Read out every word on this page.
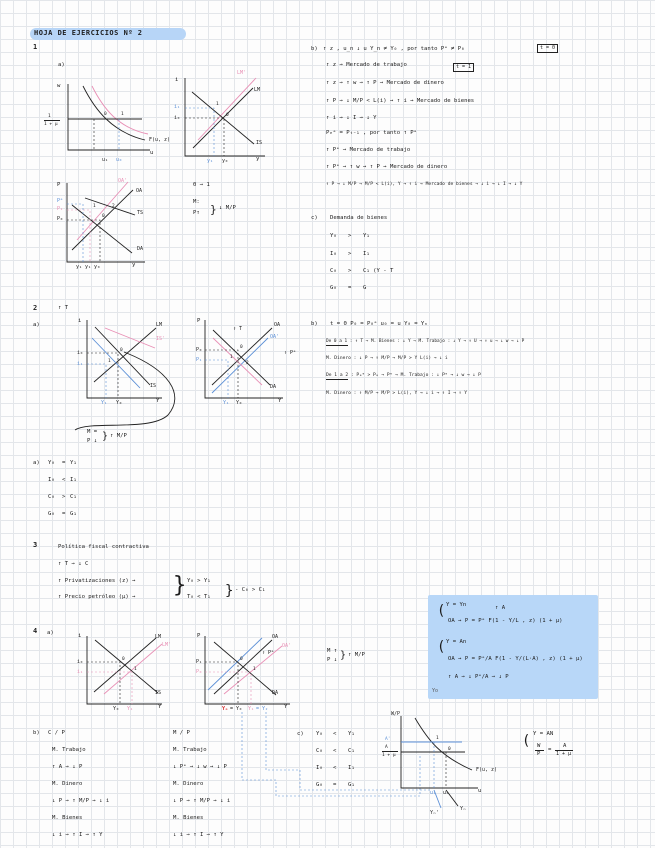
HOJA DE EJERCICIOS Nº 2
1
a)
w
u
1
1 + μ
F(u, z)
u₁ u₀
0	1
i
y
LM
LM'
IS
i₁
i₀
y₁ y₀
0
1
P
y
OA
OA'
TS
DA
P₁
P₀
Pᵉ
y₁ y₁ y₀
0
1	2
0 → 1
M:
P↑ } ↓ M/P
b) ↑ z , u_n ↓ u Y_n ≠ Y₀ , por tanto Pᵉ ≠ P₀	t = 0
t = 1
↑ z → Mercado de trabajo
↑ z → ↑ w → ↑ P → Mercado de dinero
↑ P → ↓ M/P < L(i) → ↑ i → Mercado de bienes
↑ i → ↓ I → ↓ Y
Pₑᵉ = Pₜ₋₁ , por tanto ↑ Pᵉ
↑ Pᵉ → Mercado de trabajo
↑ Pᵉ → ↑ w → ↑ P → Mercado de dinero
↑ P → ↓ M/P → M/P < L(i), Y → ↑ i → Mercado de bienes → ↓ i → ↓ I → ↓ Y
c) Demanda de bienes
Y₀ > Y₁
I₀ > I₁
C₀ > C₁ (Y - T
G₀ = G
2	↑ T
a)
i
Y
LM
IS
IS'
i₀
i₁
Y₁ Y₀
0
1
P
Y
OA
OA'
DA
↑ T
↑ Pᵉ
P₀
P₁
Y₁ Y₀
0
1
2
M =
P ↓ } ↑ M/P
a) Y₀ = Y₁
I₀ < I₁
C₀ > C₁
G₀ = G₁
b) t = 0 P₀ = P₀ᵉ u₀ = u Y₀ = Yₙ
De 0 a 1 : ↑ T → M. Bienes : ↓ Y → M. Trabajo : ↓ Y → ↑ U → ↑ u → ↓ w → ↓ P
M. Dinero : ↓ P → ↑ M/P → M/P > Y L(i) → ↓ i
De 1 a 2 : Pₑᵉ > Pₑ → Pᵉ → M. Trabajo : ↓ Pᵉ → ↓ w → ↓ P
M. Dinero : ↑ M/P → M/P > L(i), Y → ↓ i → ↑ I → ↑ Y
3	Política fiscal contractiva
↑ T → ↓ C
↑ Privatizaciones (z) →
↑ Precio petróleo (μ) → } Y₀ > Y₁
T₀ < T₁ } - C₀ > C₁
4 a)	i
Y
LM
LM'
IS
i₀
i₁
Y₀ Y₁
0
1
P
Y
OA
OA'
DA
↑ Pᵉ
P₁
P₀
Yₙ = Y₀ Y₁ = Y₂
0
1
M ↑
P ↓ } ↑ M/P
( Y = Yn	↑ A
OA → P = Pᵉ F(1 - Y/L , z) (1 + μ)
( Y = An
OA → P = Pᵉ/A F(1 - Y/(L·A) , z) (1 + μ)
↑ A → ↓ Pᵉ/A → ↓ P
Yo
b) C / P
M. Trabajo
↑ A → ↓ P
M. Dinero
↓ P → ↑ M/P → ↓ i
M. Bienes
↓ i → ↑ I → ↑ Y
M / P
M. Trabajo
↓ Pᵉ → ↓ w → ↓ P
M. Dinero
↓ P → ↑ M/P → ↓ i
M. Bienes
↓ i → ↑ I → ↑ Y
c) Y₀ < Y₁
C₀ < C₁
I₀ < I₁
G₀ = G₁
W/P
u
A'
A
1 + μ
F(u, z)
u₁ u₀
Yₙ
Yₙ'
0
1	( Y = AN
W
P
=
A
1 + μ
